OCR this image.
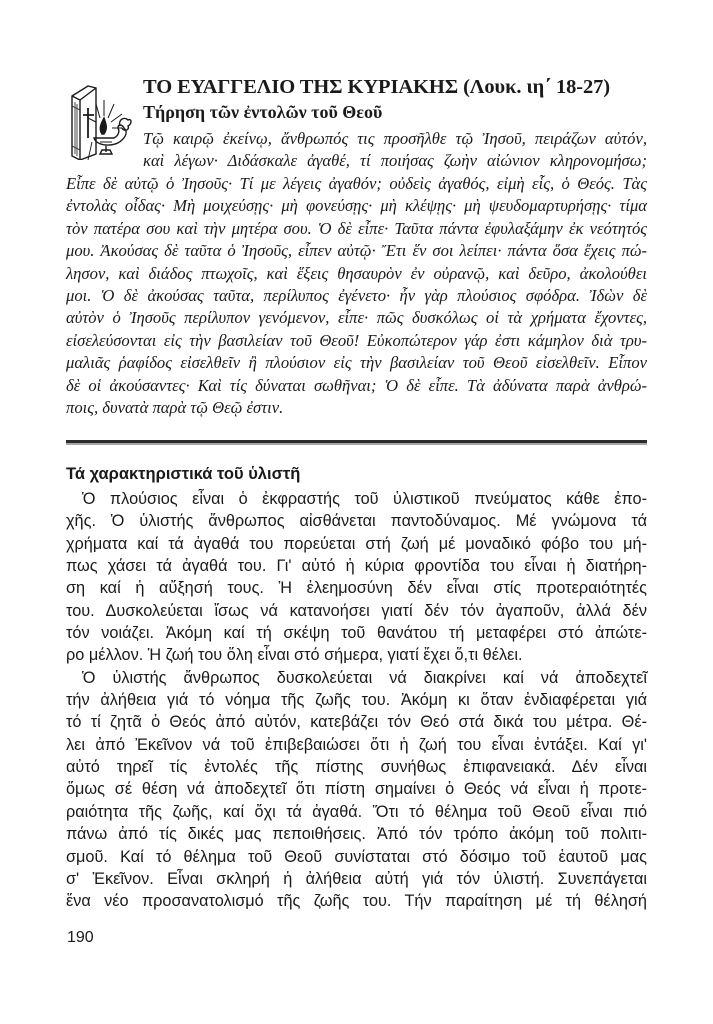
ΤΟ ΕΥΑΓΓΕΛΙΟ ΤΗΣ ΚΥΡΙΑΚΗΣ (Λουκ. ιη΄ 18-27)
Τήρηση τῶν ἐντολῶν τοῦ Θεοῦ
Τῷ καιρῷ ἐκείνῳ, ἄνθρωπός τις προσῆλθε τῷ Ἰησοῦ, πειράζων αὐτόν,
καὶ λέγων· Διδάσκαλε ἀγαθέ, τί ποιήσας ζωὴν αἰώνιον κληρονομήσω;
Εἶπε δὲ αὐτῷ ὁ Ἰησοῦς· Τί με λέγεις ἀγαθόν; οὐδεὶς ἀγαθός, εἰμὴ εἷς, ὁ Θεός. Τὰς
ἐντολὰς οἶδας· Μὴ μοιχεύσῃς· μὴ φονεύσῃς· μὴ κλέψῃς· μὴ ψευδομαρτυρήσῃς· τίμα
τὸν πατέρα σου καὶ τὴν μητέρα σου. Ὁ δὲ εἶπε· Ταῦτα πάντα ἐφυλαξάμην ἐκ νεότητός
μου. Ἀκούσας δὲ ταῦτα ὁ Ἰησοῦς, εἶπεν αὐτῷ· Ἔτι ἕν σοι λείπει· πάντα ὅσα ἔχεις πώ-
λησον, καὶ διάδος πτωχοῖς, καὶ ἕξεις θησαυρὸν ἐν οὐρανῷ, καὶ δεῦρο, ἀκολούθει
μοι. Ὁ δὲ ἀκούσας ταῦτα, περίλυπος ἐγένετο· ἦν γὰρ πλούσιος σφόδρα. Ἰδὼν δὲ
αὐτὸν ὁ Ἰησοῦς περίλυπον γενόμενον, εἶπε· πῶς δυσκόλως οἱ τὰ χρήματα ἔχοντες,
εἰσελεύσονται εἰς τὴν βασιλείαν τοῦ Θεοῦ! Εὐκοπώτερον γάρ ἐστι κάμηλον διὰ τρυ-
μαλιᾶς ῥαφίδος εἰσελθεῖν ἢ πλούσιον εἰς τὴν βασιλείαν τοῦ Θεοῦ εἰσελθεῖν. Εἶπον
δὲ οἱ ἀκούσαντες· Καὶ τίς δύναται σωθῆναι; Ὁ δὲ εἶπε. Τὰ ἀδύνατα παρὰ ἀνθρώ-
ποις, δυνατὰ παρὰ τῷ Θεῷ ἐστιν.
Τά χαρακτηριστικά τοῦ ὑλιστῆ
Ὁ πλούσιος εἶναι ὁ ἐκφραστής τοῦ ὑλιστικοῦ πνεύματος κάθε ἐπο-
χῆς. Ὁ ὑλιστής ἄνθρωπος αἰσθάνεται παντοδύναμος. Μέ γνώμονα τά
χρήματα καί τά ἀγαθά του πορεύεται στή ζωή μέ μοναδικό φόβο του μή-
πως χάσει τά ἀγαθά του. Γι' αὐτό ἡ κύρια φροντίδα του εἶναι ἡ διατήρη-
ση καί ἡ αὔξησή τους. Ἡ ἐλεημοσύνη δέν εἶναι στίς προτεραιότητές
του. Δυσκολεύεται ἴσως νά κατανοήσει γιατί δέν τόν ἀγαποῦν, ἀλλά δέν
τόν νοιάζει. Ἀκόμη καί τή σκέψη τοῦ θανάτου τή μεταφέρει στό ἀπώτε-
ρο μέλλον. Ἡ ζωή του ὅλη εἶναι στό σήμερα, γιατί ἔχει ὅ,τι θέλει.
Ὁ ὑλιστής ἄνθρωπος δυσκολεύεται νά διακρίνει καί νά ἀποδεχτεῖ
τήν ἀλήθεια γιά τό νόημα τῆς ζωῆς του. Ἀκόμη κι ὅταν ἐνδιαφέρεται γιά
τό τί ζητᾶ ὁ Θεός ἀπό αὐτόν, κατεβάζει τόν Θεό στά δικά του μέτρα. Θέ-
λει ἀπό Ἐκεῖνον νά τοῦ ἐπιβεβαιώσει ὅτι ἡ ζωή του εἶναι ἐντάξει. Καί γι'
αὐτό τηρεῖ τίς ἐντολές τῆς πίστης συνήθως ἐπιφανειακά. Δέν εἶναι
ὅμως σέ θέση νά ἀποδεχτεῖ ὅτι πίστη σημαίνει ὁ Θεός νά εἶναι ἡ προτε-
ραιότητα τῆς ζωῆς, καί ὄχι τά ἀγαθά. Ὅτι τό θέλημα τοῦ Θεοῦ εἶναι πιό
πάνω ἀπό τίς δικές μας πεποιθήσεις. Ἀπό τόν τρόπο ἀκόμη τοῦ πολιτι-
σμοῦ. Καί τό θέλημα τοῦ Θεοῦ συνίσταται στό δόσιμο τοῦ ἑαυτοῦ μας
σ' Ἐκεῖνον. Εἶναι σκληρή ἡ ἀλήθεια αὐτή γιά τόν ὑλιστή. Συνεπάγεται
ἕνα νέο προσανατολισμό τῆς ζωῆς του. Τήν παραίτηση μέ τή θέλησή
190
